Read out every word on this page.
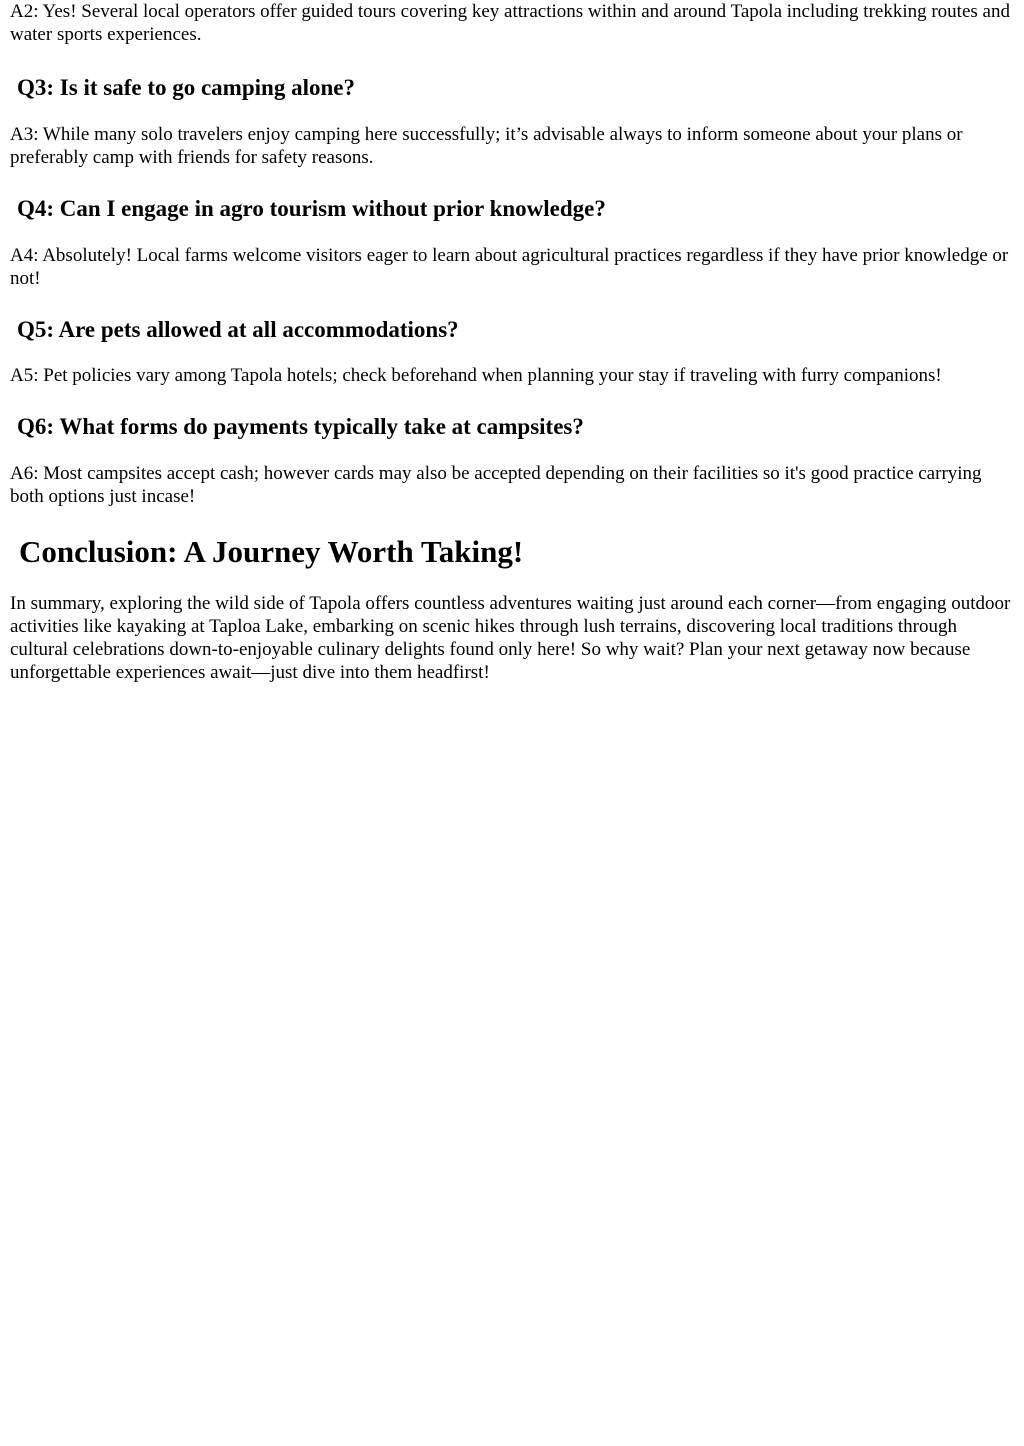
A2: Yes! Several local operators offer guided tours covering key attractions within and around Tapola including trekking routes and water sports experiences.

Q3: Is it safe to go camping alone?

A3: While many solo travelers enjoy camping here successfully; it’s advisable always to inform someone about your plans or preferably camp with friends for safety reasons.

Q4: Can I engage in agro tourism without prior knowledge?

A4: Absolutely! Local farms welcome visitors eager to learn about agricultural practices regardless if they have prior knowledge or not!

Q5: Are pets allowed at all accommodations?

A5: Pet policies vary among Tapola hotels; check beforehand when planning your stay if traveling with furry companions!

Q6: What forms do payments typically take at campsites?

A6: Most campsites accept cash; however cards may also be accepted depending on their facilities so it's good practice carrying both options just incase!

Conclusion: A Journey Worth Taking!

In summary, exploring the wild side of Tapola offers countless adventures waiting just around each corner—from engaging outdoor activities like kayaking at Taploa Lake, embarking on scenic hikes through lush terrains, discovering local traditions through cultural celebrations down-to-enjoyable culinary delights found only here! So why wait? Plan your next getaway now because unforgettable experiences await—just dive into them headfirst!
